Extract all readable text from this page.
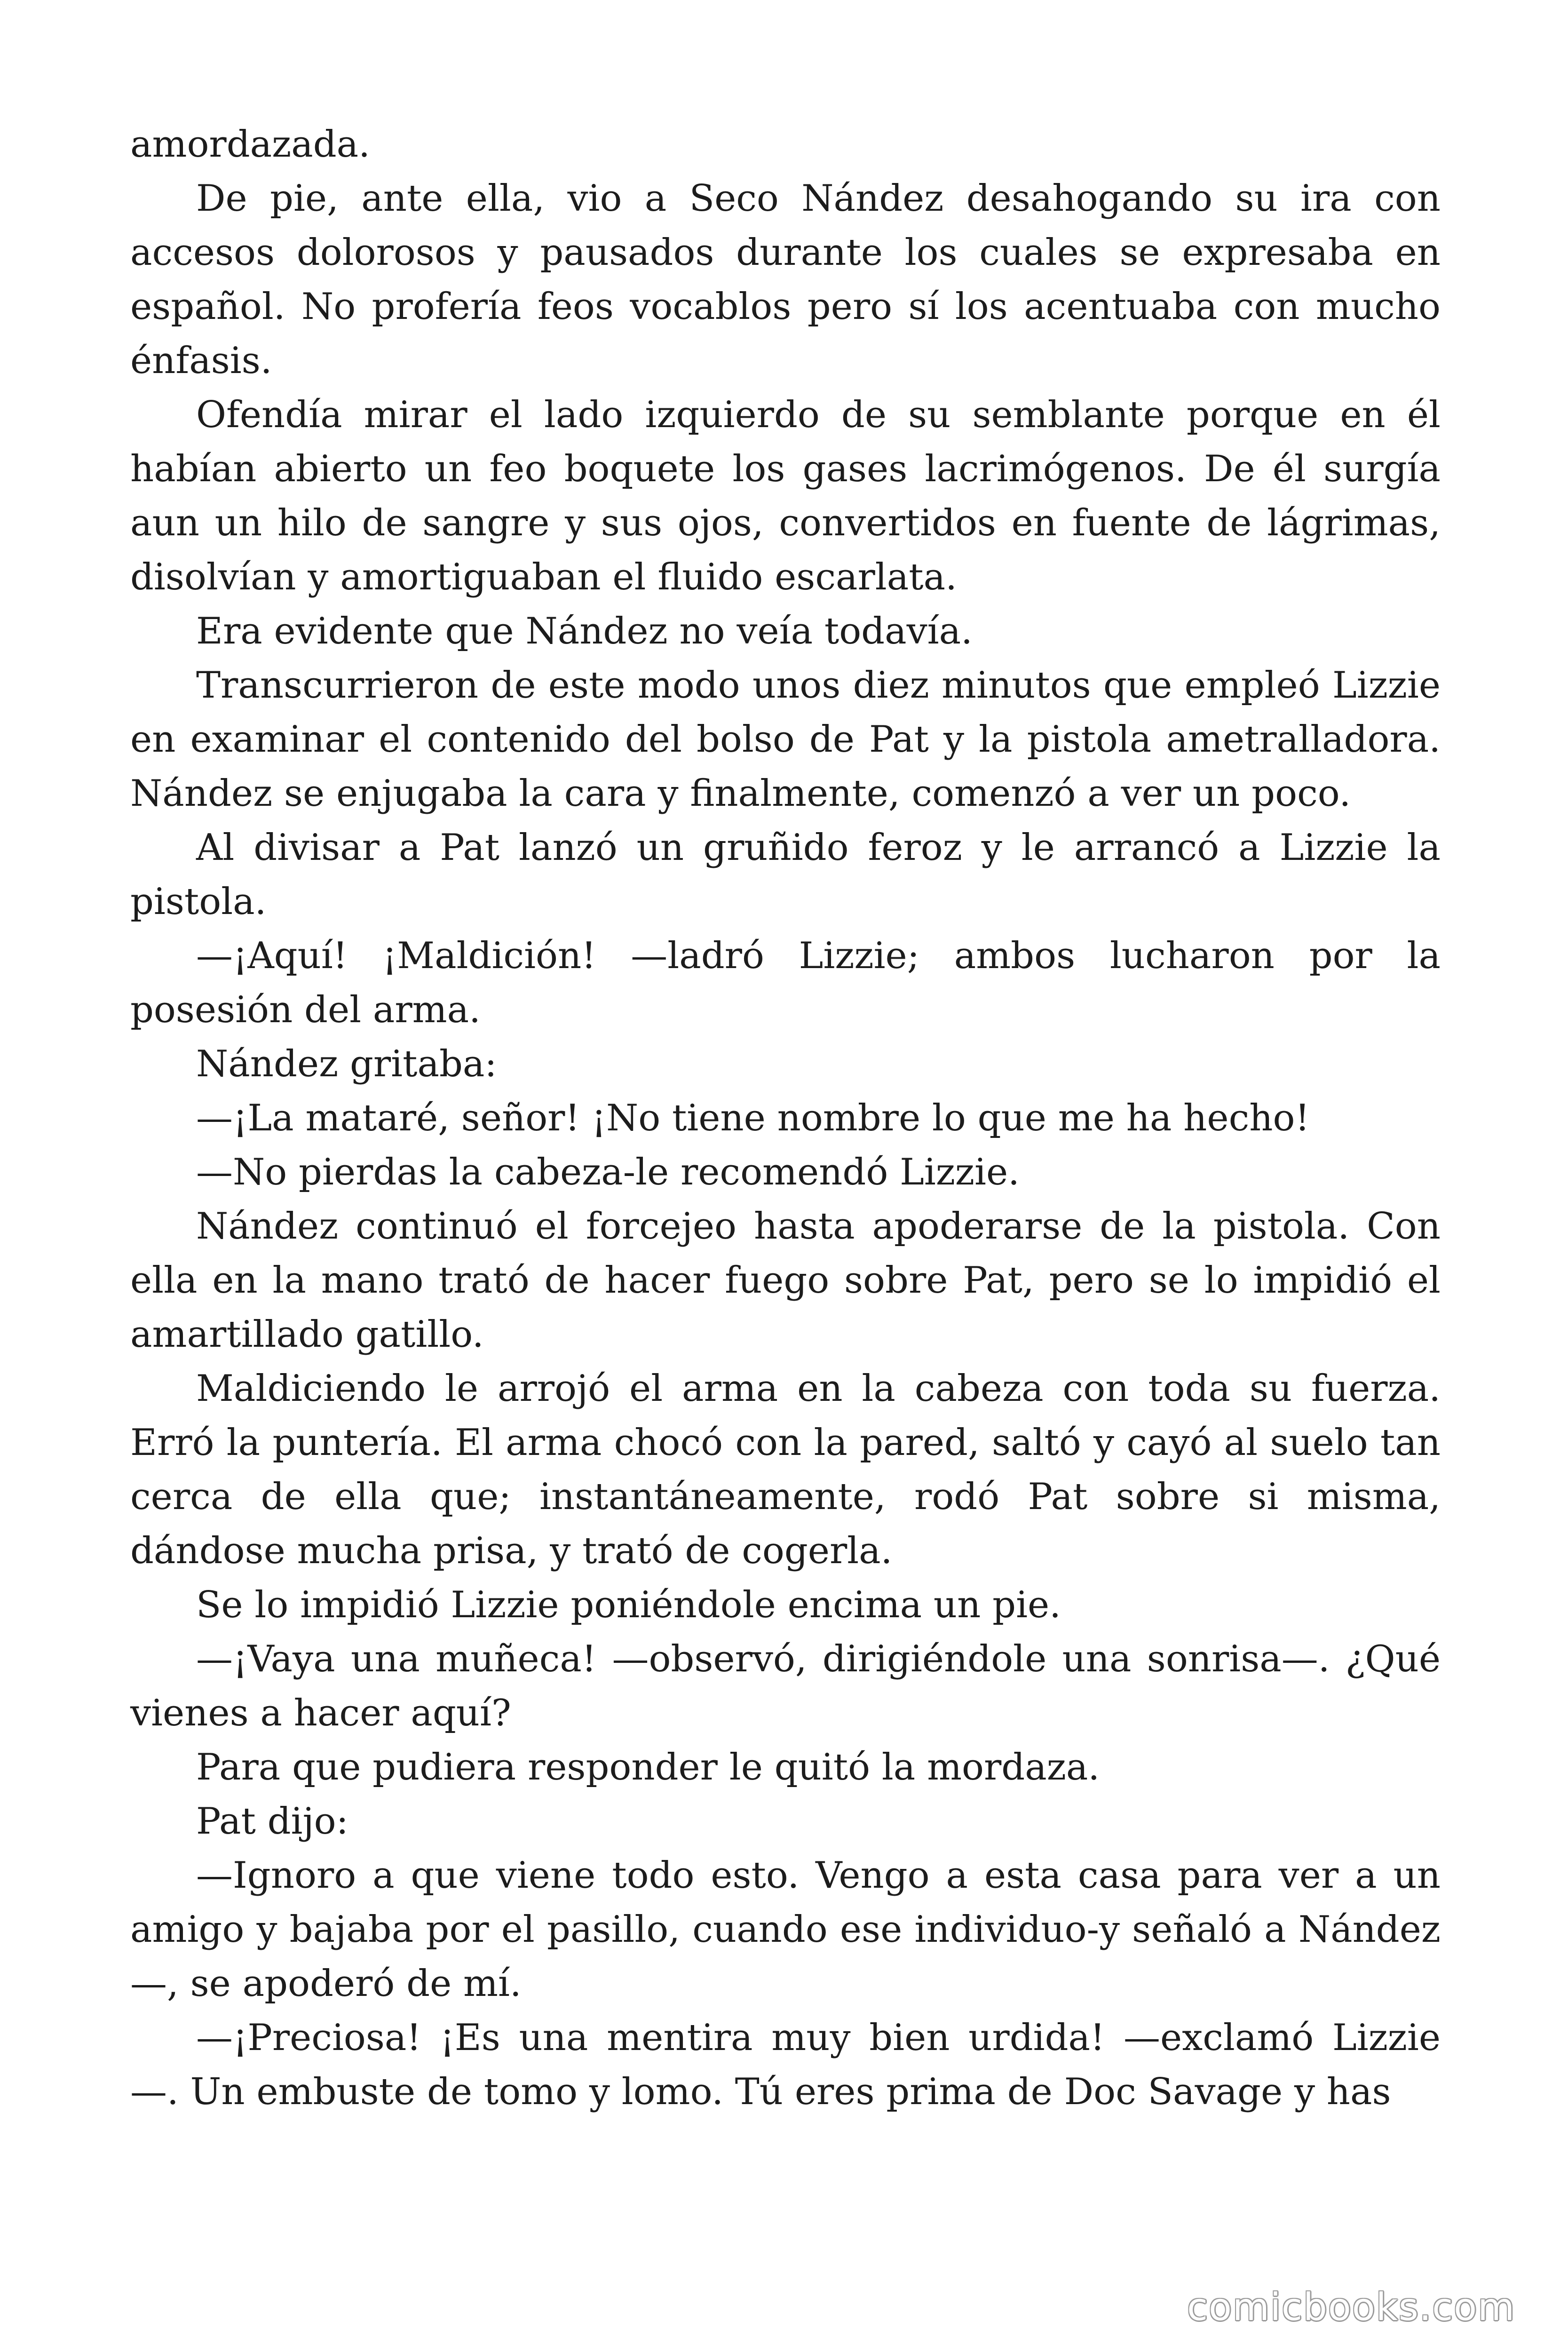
amordazada.

De pie, ante ella, vio a Seco Nández desahogando su ira con accesos dolorosos y pausados durante los cuales se expresaba en español. No profería feos vocablos pero sí los acentuaba con mucho énfasis.

Ofendía mirar el lado izquierdo de su semblante porque en él habían abierto un feo boquete los gases lacrimógenos. De él surgía aun un hilo de sangre y sus ojos, convertidos en fuente de lágrimas, disolvían y amortiguaban el fluido escarlata.

Era evidente que Nández no veía todavía.

Transcurrieron de este modo unos diez minutos que empleó Lizzie en examinar el contenido del bolso de Pat y la pistola ametralladora. Nández se enjugaba la cara y finalmente, comenzó a ver un poco.

Al divisar a Pat lanzó un gruñido feroz y le arrancó a Lizzie la pistola.

—¡Aquí! ¡Maldición! —ladró Lizzie; ambos lucharon por la posesión del arma.

Nández gritaba:

—¡La mataré, señor! ¡No tiene nombre lo que me ha hecho!

—No pierdas la cabeza-le recomendó Lizzie.

Nández continuó el forcejeo hasta apoderarse de la pistola. Con ella en la mano trató de hacer fuego sobre Pat, pero se lo impidió el amartillado gatillo.

Maldiciendo le arrojó el arma en la cabeza con toda su fuerza. Erró la puntería. El arma chocó con la pared, saltó y cayó al suelo tan cerca de ella que; instantáneamente, rodó Pat sobre si misma, dándose mucha prisa, y trató de cogerla.

Se lo impidió Lizzie poniéndole encima un pie.

—¡Vaya una muñeca! —observó, dirigiéndole una sonrisa—. ¿Qué vienes a hacer aquí?

Para que pudiera responder le quitó la mordaza.

Pat dijo:

—Ignoro a que viene todo esto. Vengo a esta casa para ver a un amigo y bajaba por el pasillo, cuando ese individuo-y señaló a Nández —, se apoderó de mí.

—¡Preciosa! ¡Es una mentira muy bien urdida! —exclamó Lizzie —. Un embuste de tomo y lomo. Tú eres prima de Doc Savage y has

comicbooks.com
